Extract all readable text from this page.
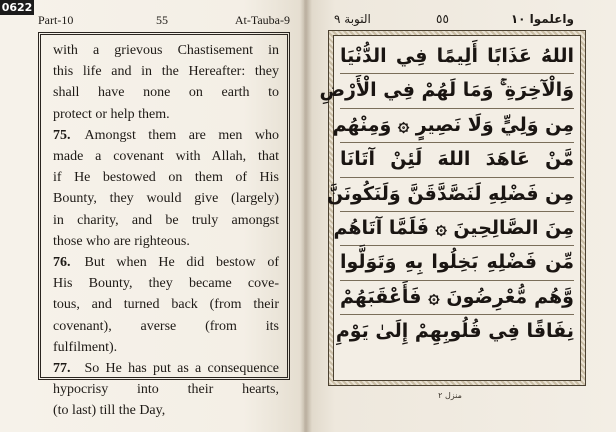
0622
Part-10	55	At-Tauba-9
with a grievous Chastisement in
this life and in the Hereafter: they
shall have none on earth to
protect or help them.
75.  Amongst them are men who
made a covenant with Allah, that
if He bestowed on them of His
Bounty, they would give (largely)
in charity, and be truly amongst
those who are righteous.
76.  But when He did bestow of
His Bounty, they became cove-
tous, and turned back (from their
covenant), averse (from its
fulfilment).
77.  So He has put as a consequence
hypocrisy into their hearts,
(to last) till the Day,
التوبة ٩	٥٥	واعلموا ١٠
اللهُ عَذَابًا أَلِيمًا فِي الدُّنْيَا
وَالْآخِرَةِ ۚ وَمَا لَهُمْ فِي الْأَرْضِ
مِن وَلِيٍّ وَلَا نَصِيرٍ ۞ وَمِنْهُم
مَّنْ عَاهَدَ اللهَ لَئِنْ آتَانَا
مِن فَضْلِهِ لَنَصَّدَّقَنَّ وَلَنَكُونَنَّ
مِنَ الصَّالِحِينَ ۞ فَلَمَّا آتَاهُم
مِّن فَضْلِهِ بَخِلُوا بِهِ وَتَوَلَّوا
وَّهُم مُّعْرِضُونَ ۞ فَأَعْقَبَهُمْ
نِفَاقًا فِي قُلُوبِهِمْ إِلَىٰ يَوْمِ
منزل ٢
